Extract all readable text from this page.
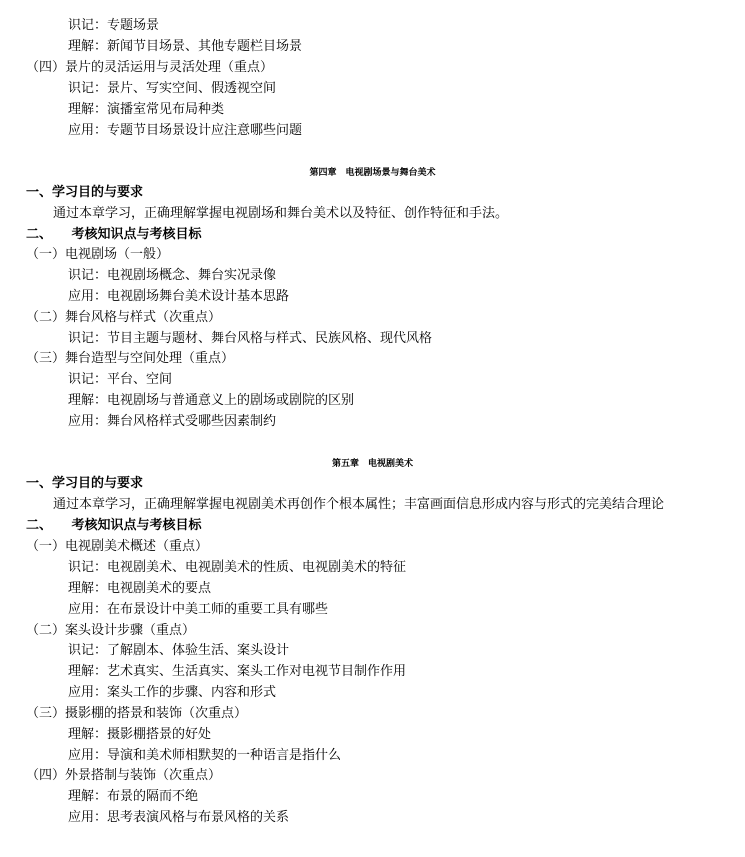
识记：专题场景
理解：新闻节目场景、其他专题栏目场景
（四）景片的灵活运用与灵活处理（重点）
识记：景片、写实空间、假透视空间
理解：演播室常见布局种类
应用：专题节目场景设计应注意哪些问题
第四章　电视剧场景与舞台美术
一、学习目的与要求
通过本章学习，正确理解掌握电视剧场和舞台美术以及特征、创作特征和手法。
二、　　考核知识点与考核目标
（一）电视剧场（一般）
识记：电视剧场概念、舞台实况录像
应用：电视剧场舞台美术设计基本思路
（二）舞台风格与样式（次重点）
识记：节目主题与题材、舞台风格与样式、民族风格、现代风格
（三）舞台造型与空间处理（重点）
识记：平台、空间
理解：电视剧场与普通意义上的剧场或剧院的区别
应用：舞台风格样式受哪些因素制约
第五章　电视剧美术
一、学习目的与要求
通过本章学习，正确理解掌握电视剧美术再创作个根本属性；丰富画面信息形成内容与形式的完美结合理论
二、　　考核知识点与考核目标
（一）电视剧美术概述（重点）
识记：电视剧美术、电视剧美术的性质、电视剧美术的特征
理解：电视剧美术的要点
应用：在布景设计中美工师的重要工具有哪些
（二）案头设计步骤（重点）
识记：了解剧本、体验生活、案头设计
理解：艺术真实、生活真实、案头工作对电视节目制作作用
应用：案头工作的步骤、内容和形式
（三）摄影棚的搭景和装饰（次重点）
理解：摄影棚搭景的好处
应用：导演和美术师相默契的一种语言是指什么
（四）外景搭制与装饰（次重点）
理解：布景的隔而不绝
应用：思考表演风格与布景风格的关系
